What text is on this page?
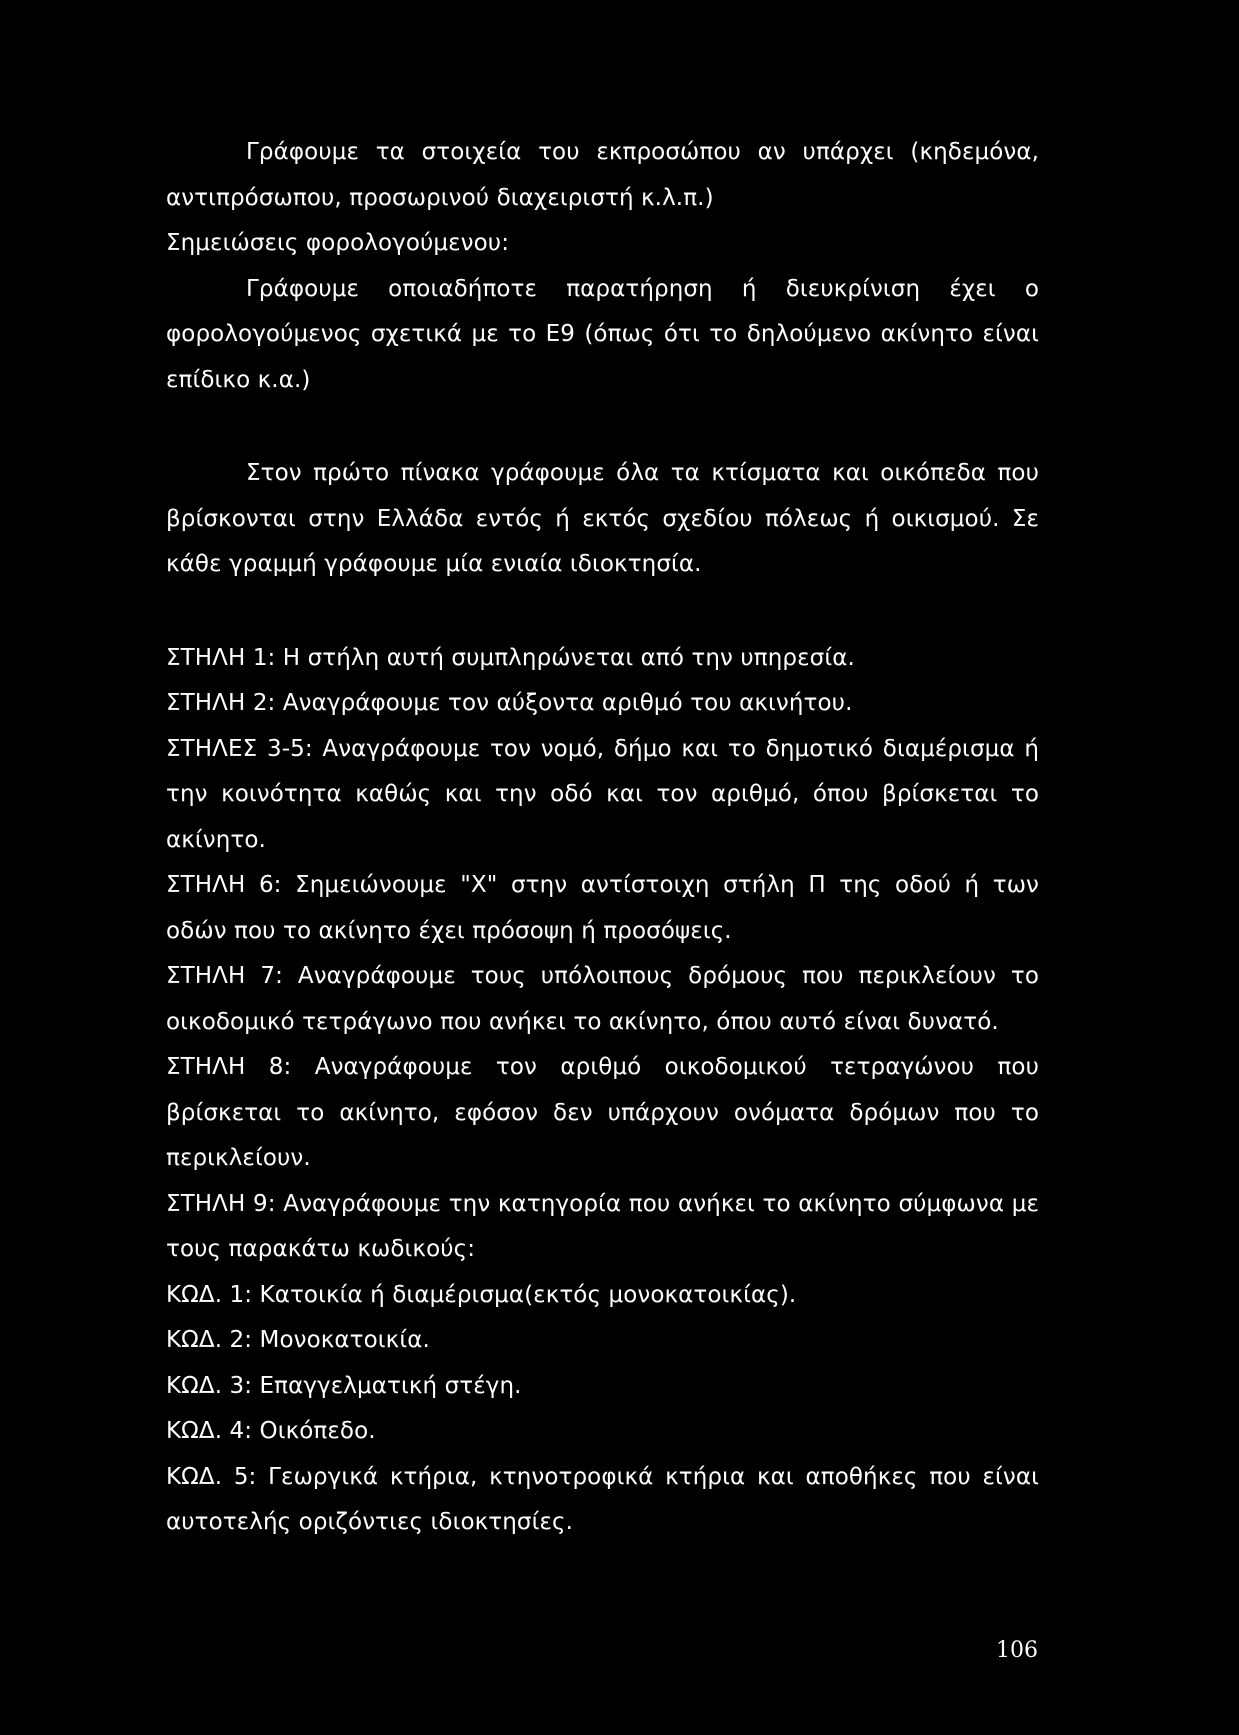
Γράφουμε τα στοιχεία του εκπροσώπου αν υπάρχει (κηδεμόνα, αντιπρόσωπου, προσωρινού διαχειριστή κ.λ.π.)

Σημειώσεις φορολογούμενου:

Γράφουμε οποιαδήποτε παρατήρηση ή διευκρίνιση έχει ο φορολογούμενος σχετικά με το Ε9 (όπως ότι το δηλούμενο ακίνητο είναι επίδικο κ.α.)

Στον πρώτο πίνακα γράφουμε όλα τα κτίσματα και οικόπεδα που βρίσκονται στην Ελλάδα εντός ή εκτός σχεδίου πόλεως ή οικισμού. Σε κάθε γραμμή γράφουμε μία ενιαία ιδιοκτησία.

ΣΤΗΛΗ 1: Η στήλη αυτή συμπληρώνεται από την υπηρεσία.

ΣΤΗΛΗ 2: Αναγράφουμε τον αύξοντα αριθμό του ακινήτου.

ΣΤΗΛΕΣ 3-5: Αναγράφουμε τον νομό, δήμο και το δημοτικό διαμέρισμα ή την κοινότητα καθώς και την οδό και τον αριθμό, όπου βρίσκεται το ακίνητο.

ΣΤΗΛΗ 6: Σημειώνουμε "Χ" στην αντίστοιχη στήλη Π της οδού ή των οδών που το ακίνητο έχει πρόσοψη ή προσόψεις.

ΣΤΗΛΗ 7: Αναγράφουμε τους υπόλοιπους δρόμους που περικλείουν το οικοδομικό τετράγωνο που ανήκει το ακίνητο, όπου αυτό είναι δυνατό.

ΣΤΗΛΗ 8: Αναγράφουμε τον αριθμό οικοδομικού τετραγώνου που βρίσκεται το ακίνητο, εφόσον δεν υπάρχουν ονόματα δρόμων που το περικλείουν.

ΣΤΗΛΗ 9: Αναγράφουμε την κατηγορία που ανήκει το ακίνητο σύμφωνα με τους παρακάτω κωδικούς:

ΚΩΔ. 1: Κατοικία ή διαμέρισμα(εκτός μονοκατοικίας).

ΚΩΔ. 2: Μονοκατοικία.

ΚΩΔ. 3: Επαγγελματική στέγη.

ΚΩΔ. 4: Οικόπεδο.

ΚΩΔ. 5: Γεωργικά κτήρια, κτηνοτροφικά κτήρια και αποθήκες που είναι αυτοτελής οριζόντιες ιδιοκτησίες.

106
